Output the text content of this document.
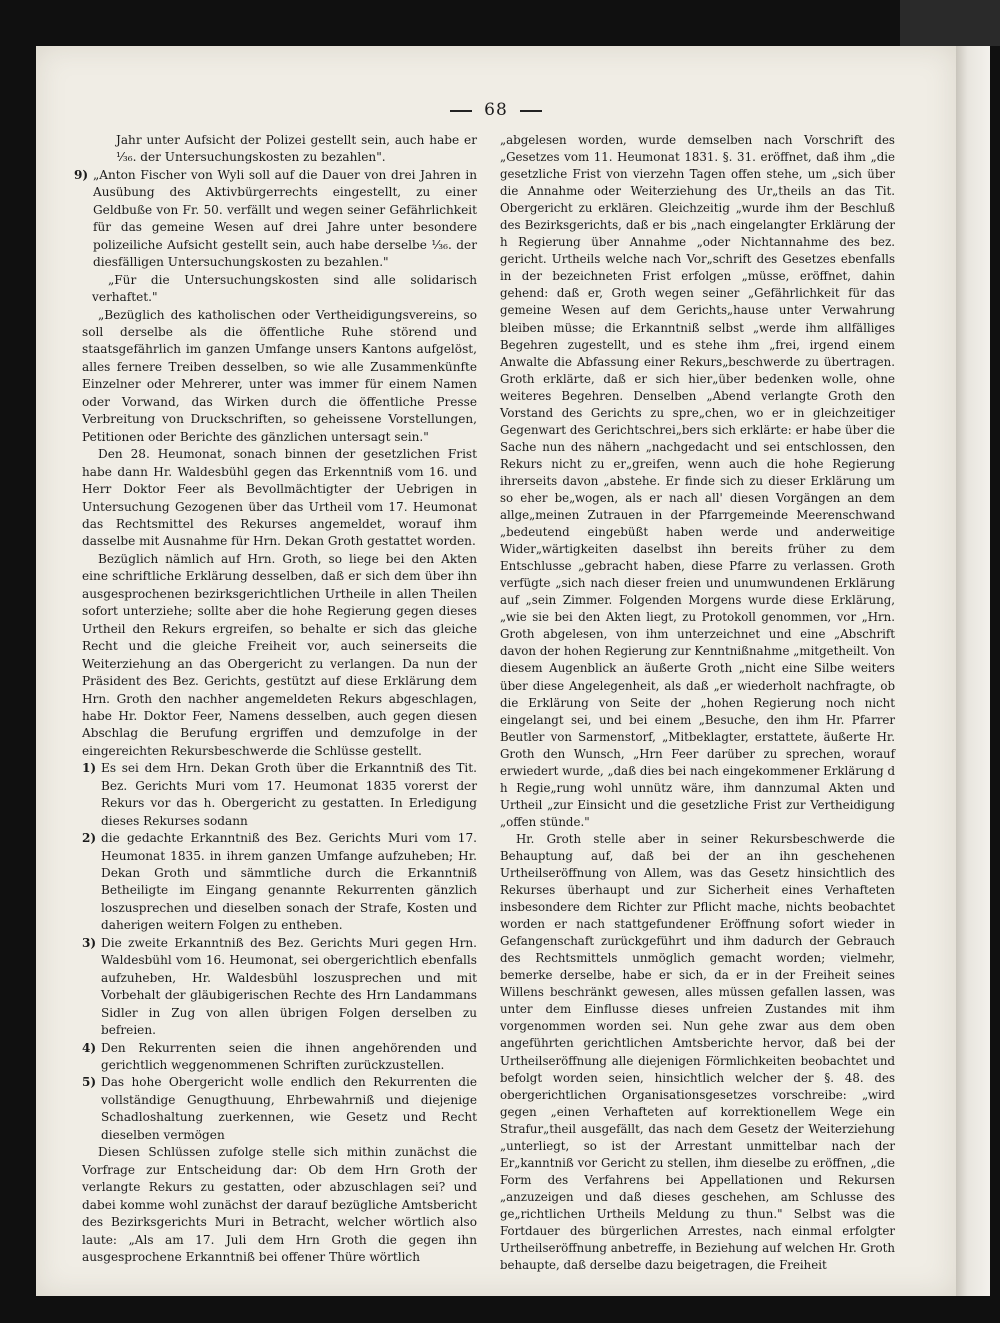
68

Jahr unter Aufsicht der Polizei gestellt sein, auch habe er ¹⁄₃₆. der Untersuchungskosten zu bezahlen".

9) „Anton Fischer von Wyli soll auf die Dauer von drei Jahren in Ausübung des Aktivbürgerrechts eingestellt, zu einer Geldbuße von Fr. 50. verfällt und wegen seiner Gefährlichkeit für das gemeine Wesen auf drei Jahre unter besondere polizeiliche Aufsicht gestellt sein, auch habe derselbe ¹⁄₃₆. der diesfälligen Untersuchungskosten zu bezahlen."

„Für die Untersuchungskosten sind alle solidarisch verhaftet."

„Bezüglich des katholischen oder Vertheidigungsvereins, so soll derselbe als die öffentliche Ruhe störend und staatsgefährlich im ganzen Umfange unsers Kantons aufgelöst, alles fernere Treiben desselben, so wie alle Zusammenkünfte Einzelner oder Mehrerer, unter was immer für einem Namen oder Vorwand, das Wirken durch die öffentliche Presse Verbreitung von Druckschriften, so geheissene Vorstellungen, Petitionen oder Berichte des gänzlichen untersagt sein."

Den 28. Heumonat, sonach binnen der gesetzlichen Frist habe dann Hr. Waldesbühl gegen das Erkenntniß vom 16. und Herr Doktor Feer als Bevollmächtigter der Uebrigen in Untersuchung Gezogenen über das Urtheil vom 17. Heumonat das Rechtsmittel des Rekurses angemeldet, worauf ihm dasselbe mit Ausnahme für Hrn. Dekan Groth gestattet worden.

Bezüglich nämlich auf Hrn. Groth, so liege bei den Akten eine schriftliche Erklärung desselben, daß er sich dem über ihn ausgesprochenen bezirksgerichtlichen Urtheile in allen Theilen sofort unterziehe; sollte aber die hohe Regierung gegen dieses Urtheil den Rekurs ergreifen, so behalte er sich das gleiche Recht und die gleiche Freiheit vor, auch seinerseits die Weiterziehung an das Obergericht zu verlangen. Da nun der Präsident des Bez. Gerichts, gestützt auf diese Erklärung dem Hrn. Groth den nachher angemeldeten Rekurs abgeschlagen, habe Hr. Doktor Feer, Namens desselben, auch gegen diesen Abschlag die Berufung ergriffen und demzufolge in der eingereichten Rekursbeschwerde die Schlüsse gestellt.

1) Es sei dem Hrn. Dekan Groth über die Erkanntniß des Tit. Bez. Gerichts Muri vom 17. Heumonat 1835 vorerst der Rekurs vor das h. Obergericht zu gestatten. In Erledigung dieses Rekurses sodann
2) die gedachte Erkanntniß des Bez. Gerichts Muri vom 17. Heumonat 1835. in ihrem ganzen Umfange aufzuheben; Hr. Dekan Groth und sämmtliche durch die Erkanntniß Betheiligte im Eingang genannte Rekurrenten gänzlich loszusprechen und dieselben sonach der Strafe, Kosten und daherigen weitern Folgen zu entheben.
3) Die zweite Erkanntniß des Bez. Gerichts Muri gegen Hrn. Waldesbühl vom 16. Heumonat, sei obergerichtlich ebenfalls aufzuheben, Hr. Waldesbühl loszusprechen und mit Vorbehalt der gläubigerischen Rechte des Hrn Landammans Sidler in Zug von allen übrigen Folgen derselben zu befreien.
4) Den Rekurrenten seien die ihnen angehörenden und gerichtlich weggenommenen Schriften zurückzustellen.
5) Das hohe Obergericht wolle endlich den Rekurrenten die vollständige Genugthuung, Ehrbewahrniß und diejenige Schadloshaltung zuerkennen, wie Gesetz und Recht dieselben vermögen

Diesen Schlüssen zufolge stelle sich mithin zunächst die Vorfrage zur Entscheidung dar: Ob dem Hrn Groth der verlangte Rekurs zu gestatten, oder abzuschlagen sei? und dabei komme wohl zunächst der darauf bezügliche Amtsbericht des Bezirksgerichts Muri in Betracht, welcher wörtlich also laute: „Als am 17. Juli dem Hrn Groth die gegen ihn ausgesprochene Erkanntniß bei offener Thüre wörtlich

„abgelesen worden, wurde demselben nach Vorschrift des „Gesetzes vom 11. Heumonat 1831. §. 31. eröffnet, daß ihm „die gesetzliche Frist von vierzehn Tagen offen stehe, um „sich über die Annahme oder Weiterziehung des Ur„theils an das Tit. Obergericht zu erklären. Gleichzeitig „wurde ihm der Beschluß des Bezirksgerichts, daß er bis „nach eingelangter Erklärung der h Regierung über Annahme „oder Nichtannahme des bez. gericht. Urtheils welche nach Vor„schrift des Gesetzes ebenfalls in der bezeichneten Frist erfolgen „müsse, eröffnet, dahin gehend: daß er, Groth wegen seiner „Gefährlichkeit für das gemeine Wesen auf dem Gerichts„hause unter Verwahrung bleiben müsse; die Erkanntniß selbst „werde ihm allfälliges Begehren zugestellt, und es stehe ihm „frei, irgend einem Anwalte die Abfassung einer Rekurs„beschwerde zu übertragen. Groth erklärte, daß er sich hier„über bedenken wolle, ohne weiteres Begehren. Denselben „Abend verlangte Groth den Vorstand des Gerichts zu spre„chen, wo er in gleichzeitiger Gegenwart des Gerichtschrei„bers sich erklärte: er habe über die Sache nun des nähern „nachgedacht und sei entschlossen, den Rekurs nicht zu er„greifen, wenn auch die hohe Regierung ihrerseits davon „abstehe. Er finde sich zu dieser Erklärung um so eher be„wogen, als er nach all' diesen Vorgängen an dem allge„meinen Zutrauen in der Pfarrgemeinde Meerenschwand „bedeutend eingebüßt haben werde und anderweitige Wider„wärtigkeiten daselbst ihn bereits früher zu dem Entschlusse „gebracht haben, diese Pfarre zu verlassen. Groth verfügte „sich nach dieser freien und unumwundenen Erklärung auf „sein Zimmer. Folgenden Morgens wurde diese Erklärung, „wie sie bei den Akten liegt, zu Protokoll genommen, vor „Hrn. Groth abgelesen, von ihm unterzeichnet und eine „Abschrift davon der hohen Regierung zur Kenntnißnahme „mitgetheilt. Von diesem Augenblick an äußerte Groth „nicht eine Silbe weiters über diese Angelegenheit, als daß „er wiederholt nachfragte, ob die Erklärung von Seite der „hohen Regierung noch nicht eingelangt sei, und bei einem „Besuche, den ihm Hr. Pfarrer Beutler von Sarmenstorf, „Mitbeklagter, erstattete, äußerte Hr. Groth den Wunsch, „Hrn Feer darüber zu sprechen, worauf erwiedert wurde, „daß dies bei nach eingekommener Erklärung d h Regie„rung wohl unnütz wäre, ihm dannzumal Akten und Urtheil „zur Einsicht und die gesetzliche Frist zur Vertheidigung „offen stünde."

Hr. Groth stelle aber in seiner Rekursbeschwerde die Behauptung auf, daß bei der an ihn geschehenen Urtheilseröffnung von Allem, was das Gesetz hinsichtlich des Rekurses überhaupt und zur Sicherheit eines Verhafteten insbesondere dem Richter zur Pflicht mache, nichts beobachtet worden er nach stattgefundener Eröffnung sofort wieder in Gefangenschaft zurückgeführt und ihm dadurch der Gebrauch des Rechtsmittels unmöglich gemacht worden; vielmehr, bemerke derselbe, habe er sich, da er in der Freiheit seines Willens beschränkt gewesen, alles müssen gefallen lassen, was unter dem Einflusse dieses unfreien Zustandes mit ihm vorgenommen worden sei. Nun gehe zwar aus dem oben angeführten gerichtlichen Amtsberichte hervor, daß bei der Urtheilseröffnung alle diejenigen Förmlichkeiten beobachtet und befolgt worden seien, hinsichtlich welcher der §. 48. des obergerichtlichen Organisationsgesetzes vorschreibe: „wird gegen „einen Verhafteten auf korrektionellem Wege ein Strafur„theil ausgefällt, das nach dem Gesetz der Weiterziehung „unterliegt, so ist der Arrestant unmittelbar nach der Er„kanntniß vor Gericht zu stellen, ihm dieselbe zu eröffnen, „die Form des Verfahrens bei Appellationen und Rekursen „anzuzeigen und daß dieses geschehen, am Schlusse des ge„richtlichen Urtheils Meldung zu thun." Selbst was die Fortdauer des bürgerlichen Arrestes, nach einmal erfolgter Urtheilseröffnung anbetreffe, in Beziehung auf welchen Hr. Groth behaupte, daß derselbe dazu beigetragen, die Freiheit
